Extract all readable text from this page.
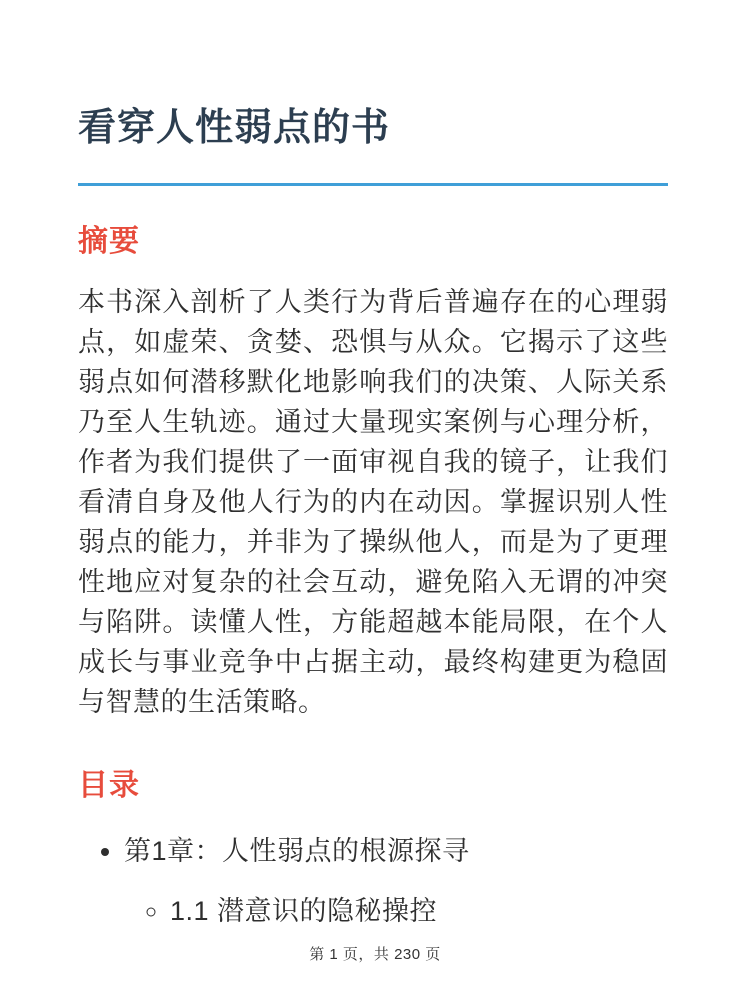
看穿人性弱点的书
摘要

本书深入剖析了人类行为背后普遍存在的心理弱点，如虚荣、贪婪、恐惧与从众。它揭示了这些弱点如何潜移默化地影响我们的决策、人际关系乃至人生轨迹。通过大量现实案例与心理分析，作者为我们提供了一面审视自我的镜子，让我们看清自身及他人行为的内在动因。掌握识别人性弱点的能力，并非为了操纵他人，而是为了更理性地应对复杂的社会互动，避免陷入无谓的冲突与陷阱。读懂人性，方能超越本能局限，在个人成长与事业竞争中占据主动，最终构建更为稳固与智慧的生活策略。

目录
• 第1章：人性弱点的根源探寻
◦ 1.1 潜意识的隐秘操控
第 1 页，共 230 页
